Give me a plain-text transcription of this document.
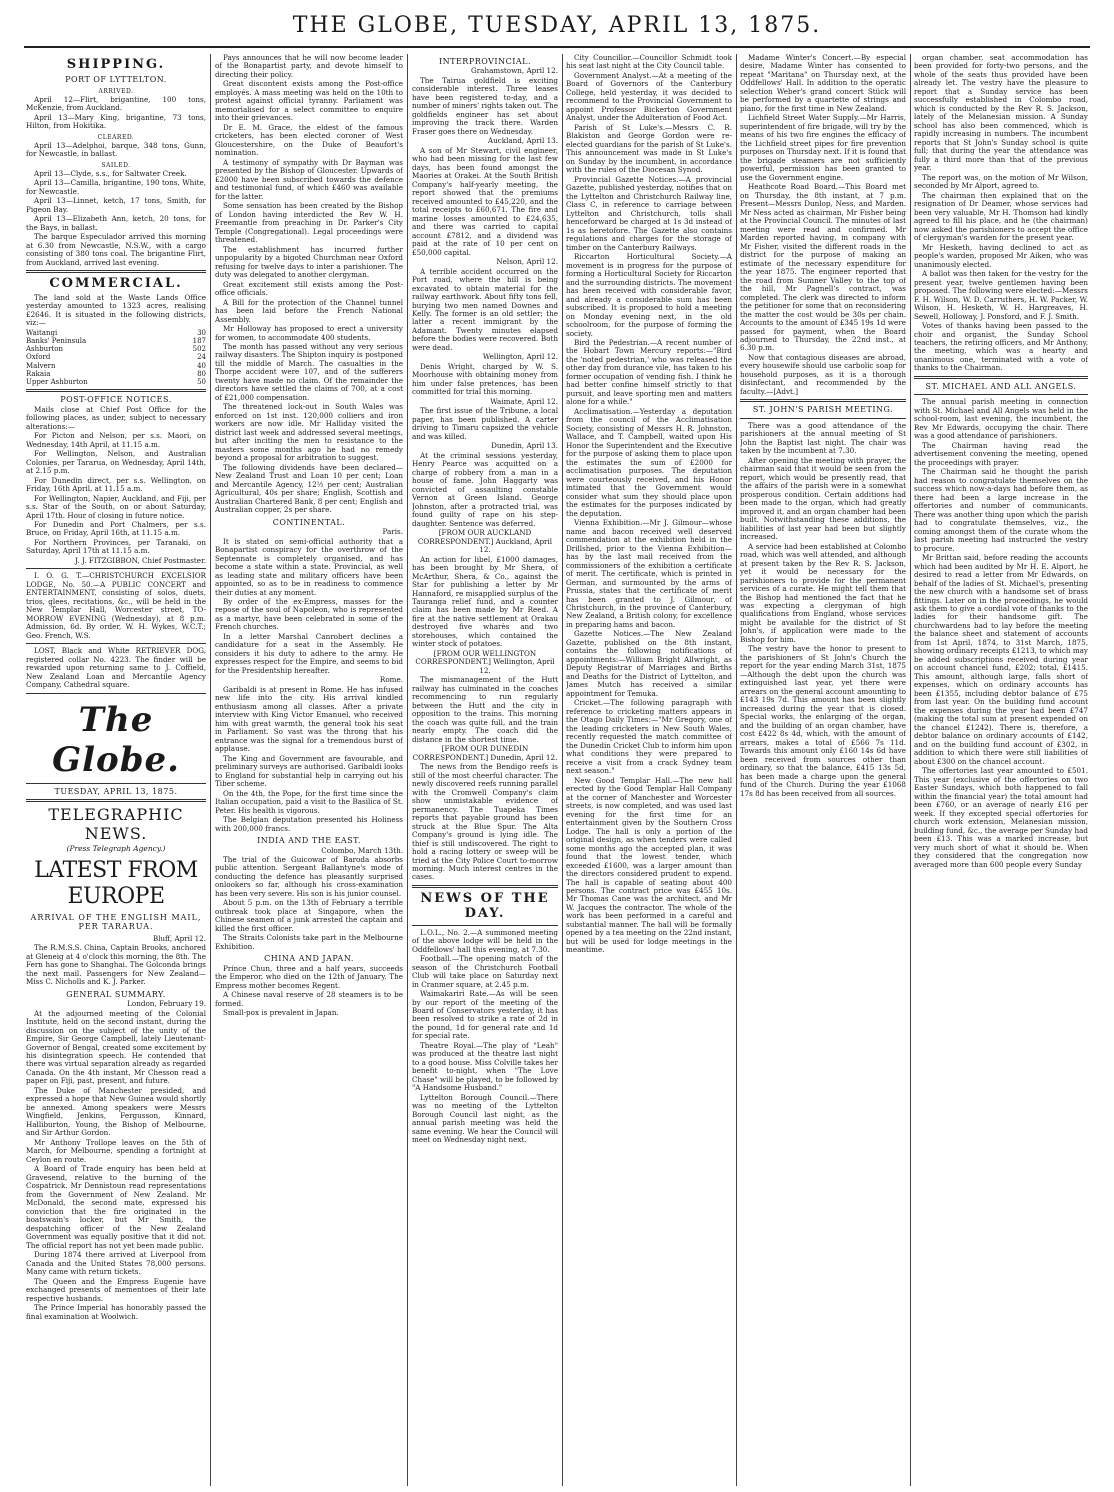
THE GLOBE, TUESDAY, APRIL 13, 1875.
SHIPPING.
PORT OF LYTTELTON.
ARRIVED.

April 12—Flirt, brigantine, 100 tons, McKenzie, from Auckland.

April 13—Mary King, brigantine, 73 tons, Hilton, from Hokitika.

CLEARED.

April 13—Adelphoi, barque, 348 tons, Gunn, for Newcastle, in ballast.

SAILED.

April 13—Clyde, s.s., for Saltwater Creek.

April 13—Camilla, brigantine, 190 tons, White, for Newcastle.

April 13—Linnet, ketch, 17 tons, Smith, for Pigeon Bay.

April 13—Elizabeth Ann, ketch, 20 tons, for the Bays, in ballast.

The barque Especulador arrived this morning at 6.30 from Newcastle, N.S.W., with a cargo consisting of 380 tons coal. The brigantine Flirt, from Auckland, arrived last evening.

COMMERCIAL.

The land sold at the Waste Lands Office yesterday amounted to 1323 acres, realising £2646. It is situated in the following districts, viz:—

Waitangi	30
Banks' Peninsula	187
Ashburton	502
Oxford	24
Malvern	40
Rakaia	80
Upper Ashburton	50
POST-OFFICE NOTICES.

Mails close at Chief Post Office for the following places, as under, subject to necessary alterations:—

For Picton and Nelson, per s.s. Maori, on Wednesday, 14th April, at 11.15 a.m.

For Wellington, Nelson, and Australian Colonies, per Tararua, on Wednesday, April 14th, at 2.15 p.m.

For Dunedin direct, per s.s. Wellington, on Friday, 16th April, at 11.15 a.m.

For Wellington, Napier, Auckland, and Fiji, per s.s. Star of the South, on or about Saturday, April 17th. Hour of closing in future notice.

For Dunedin and Port Chalmers, per s.s. Bruce, on Friday, April 16th, at 11.15 a.m.

For Northern Provinces, per Taranaki, on Saturday, April 17th at 11.15 a.m.

J. J. FITZGIBBON, Chief Postmaster.

I. O. G. T.—CHRISTCHURCH EXCELSIOR LODGE, No. 50.—A PUBLIC CONCERT and ENTERTAINMENT, consisting of solos, duets, trios, glees, recitations, &c., will be held in the New Templar Hall, Worcester street, TO-MORROW EVENING (Wednesday), at 8 p.m. Admission, 6d. By order, W. H. Wykes, W.C.T.; Geo. French, W.S.

LOST, Black and White RETRIEVER DOG, registered collar No. 4223. The finder will be rewarded upon returning same to J. Coffield, New Zealand Loan and Mercantile Agency Company, Cathedral square.

The Globe.
TUESDAY, APRIL 13, 1875.
TELEGRAPHIC NEWS.
(Press Telegraph Agency.)
LATEST FROM EUROPE
ARRIVAL OF THE ENGLISH MAIL, PER TARARUA.
Bluff, April 12.

The R.M.S.S. China, Captain Brooks, anchored at Gleneig at 4 o'clock this morning, the 8th. The Fern has gone to Shanghai. The Golconda brings the next mail. Passengers for New Zealand—Miss C. Nicholls and K. J. Parker.

GENERAL SUMMARY.
London, February 19.

At the adjourned meeting of the Colonial Institute, held on the second instant, during the discussion on the subject of the unity of the Empire, Sir George Campbell, lately Lieutenant-Governor of Bengal, created some excitement by his disintegration speech. He contended that there was virtual separation already as regarded Canada. On the 4th instant, Mr Chesson read a paper on Fiji, past, present, and future.

The Duke of Manchester presided, and expressed a hope that New Guinea would shortly be annexed. Among speakers were Messrs Wingfield, Jenkins, Fergusson, Kinnard, Halliburton, Young, the Bishop of Melbourne, and Sir Arthur Gordon.

Mr Anthony Trollope leaves on the 5th of March, for Melbourne, spending a fortnight at Ceylon en route.

A Board of Trade enquiry has been held at Gravesend, relative to the burning of the Cospatrick. Mr Dennistoun read representations from the Government of New Zealand. Mr McDonald, the second mate, expressed his conviction that the fire originated in the boatswain's locker, but Mr Smith, the despatching officer of the New Zealand Government was equally positive that it did not. The official report has not yet been made public.

During 1874 there arrived at Liverpool from Canada and the United States 78,000 persons. Many came with return tickets.

The Queen and the Empress Eugenie have exchanged presents of mementoes of their late respective husbands.

The Prince Imperial has honorably passed the final examination at Woolwich.

Pays announces that he will now become leader of the Bonapartist party, and devote himself to directing their policy.

Great discontent exists among the Post-office employés. A mass meeting was held on the 10th to protest against official tyranny. Parliament was memorialised for a select committee to enquire into their grievances.

Dr E. M. Grace, the eldest of the famous cricketers, has been elected coroner of West Gloucestershire, on the Duke of Beaufort's nomination.

A testimony of sympathy with Dr Bayman was presented by the Bishop of Gloucester. Upwards of £2000 have been subscribed towards the defence and testimonial fund, of which £460 was available for the latter.

Some sensation has been created by the Bishop of London having interdicted the Rev W. H. Freemantle from preaching in Dr. Parker's City Temple (Congregational). Legal proceedings were threatened.

The establishment has incurred further unpopularity by a bigoted Churchman near Oxford refusing for twelve days to inter a parishioner. The duty was delegated to another clergyman.

Great excitement still exists among the Post-office officials.

A Bill for the protection of the Channel tunnel has been laid before the French National Assembly.

Mr Holloway has proposed to erect a university for women, to accommodate 400 students.

The month has passed without any very serious railway disasters. The Shipton inquiry is postponed till the middle of March. The casualties in the Thorpe accident were 107, and of the sufferers twenty have made no claim. Of the remainder the directors have settled the claims of 700, at a cost of £21,000 compensation.

The threatened lock-out in South Wales was enforced on 1st inst. 120,000 colliers and iron workers are now idle. Mr Halliday visited the district last week and addressed several meetings, but after inciting the men to resistance to the masters some months ago he had no remedy beyond a proposal for arbitration to suggest.

The following dividends have been declared—New Zealand Trust and Loan 10 per cent; Loan and Mercantile Agency, 12½ per cent; Australian Agricultural, 40s per share; English, Scottish and Australian Chartered Bank, 8 per cent; English and Australian copper, 2s per share.

CONTINENTAL.
Paris.

It is stated on semi-official authority that a Bonapartist conspiracy for the overthrow of the Septennate is completely organised, and has become a state within a state. Provincial, as well as leading state and military officers have been appointed, so as to be in readiness to commence their duties at any moment.

By order of the ex-Empress, masses for the repose of the soul of Napoleon, who is represented as a martyr, have been celebrated in some of the French churches.

In a letter Marshal Canrobert declines a candidature for a seat in the Assembly. He considers it his duty to adhere to the army. He expresses respect for the Empire, and seems to bid for the Presidentship hereafter.

Rome.

Garibaldi is at present in Rome. He has infused new life into the city. His arrival kindled enthusiasm among all classes. After a private interview with King Victor Emanuel, who received him with great warmth, the general took his seat in Parliament. So vast was the throng that his entrance was the signal for a tremendous burst of applause.

The King and Government are favourable, and preliminary surveys are authorised. Garibaldi looks to England for substantial help in carrying out his Tiber scheme.

On the 4th, the Pope, for the first time since the Italian occupation, paid a visit to the Basilica of St. Peter. His health is vigorous.

The Belgian deputation presented his Holiness with 200,000 francs.

INDIA AND THE EAST.
Colombo, March 13th.

The trial of the Guicowar of Baroda absorbs public attention. Sergeant Ballantyne's mode of conducting the defence has pleasantly surprised onlookers so far, although his cross-examination has been very severe. His son is his junior counsel.

About 5 p.m. on the 13th of February a terrible outbreak took place at Singapore, when the Chinese seamen of a junk arrested the captain and killed the first officer.

The Straits Colonists take part in the Melbourne Exhibition.

CHINA AND JAPAN.

Prince Chun, three and a half years, succeeds the Emperor, who died on the 12th of January. The Empress mother becomes Regent.

A Chinese naval reserve of 28 steamers is to be formed.

Small-pox is prevalent in Japan.

INTERPROVINCIAL.
Grahamstown, April 12.

The Tairua goldfield is exciting considerable interest. Three leases have been registered to-day, and a number of miners' rights taken out. The goldfields engineer has set about improving the track there. Warden Fraser goes there on Wednesday.

Auckland, April 13.

A son of Mr Stewart, civil engineer, who had been missing for the last few days, has been found amongst the Maories at Orakei. At the South British Company's half-yearly meeting, the report showed that the premiums received amounted to £45,220, and the total receipts to £60,671. The fire and marine losses amounted to £24,635, and there was carried to capital account £7812, and a dividend was paid at the rate of 10 per cent on £50,000 capital.

Nelson, April 12.

A terrible accident occurred on the Port road, where the hill is being excavated to obtain material for the railway earthwork. About fifty tons fell, burying two men named Downes and Kelly. The former is an old settler; the latter a recent immigrant by the Adamant. Twenty minutes elapsed before the bodies were recovered. Both were dead.

Wellington, April 12.

Denis Wright, charged by W. S. Moorhouse with obtaining money from him under false pretences, has been committed for trial this morning.

Waimate, April 12.

The first issue of the Tribune, a local paper, has been published. A carter driving to Timaru capsized the vehicle and was killed.

Dunedin, April 13.

At the criminal sessions yesterday, Henry Pearce was acquitted on a charge of robbery from a man in a house of fame. John Haggarty was convicted of assaulting constable Vernon at Green Island. George Johnston, after a protracted trial, was found guilty of rape on his step-daughter. Sentence was deferred.

[FROM OUR AUCKLAND CORRESPONDENT.] Auckland, April 12.

An action for libel, £1000 damages, has been brought by Mr Shera, of McArthur, Shera, & Co., against the Star for publishing a letter by Mr Hannaford, re misapplied surplus of the Tauranga relief fund, and a counter claim has been made by Mr Reed. A fire at the native settlement at Orakau destroyed five wharès and two storehouses, which contained the winter stock of potatoes.

[FROM OUR WELLINGTON CORRESPONDENT.] Wellington, April 12.

The mismanagement of the Hutt railway has culminated in the coaches recommencing to run regularly between the Hutt and the city in opposition to the trains. This morning the coach was quite full, and the train nearly empty. The coach did the distance in the shortest time.

[FROM OUR DUNEDIN CORRESPONDENT.] Dunedin, April 12.

The news from the Bendigo reefs is still of the most cheerful character. The newly discovered reefs running parallel with the Cromwell Company's claim show unmistakable evidence of permanency. The Tuapeka Times reports that payable ground has been struck at the Blue Spur. The Alta Company's ground is lying idle. The thief is still undiscovered. The right to hold a racing lottery or sweep will be tried at the City Police Court to-morrow morning. Much interest centres in the cases.

NEWS OF THE DAY.

L.O.L., No. 2.—A summoned meeting of the above lodge will be held in the Oddfellows' hall this evening, at 7.30.

Football.—The opening match of the season of the Christchurch Football Club will take place on Saturday next in Cranmer square, at 2.45 p.m.

Waimakariri Rate.—As will be seen by our report of the meeting of the Board of Conservators yesterday, it has been resolved to strike a rate of 2d in the pound, 1d for general rate and 1d for special rate.

Theatre Royal.—The play of "Leah" was produced at the theatre last night to a good house. Miss Colville takes her benefit to-night, when "The Love Chase" will be played, to be followed by "A Handsome Husband."

Lyttelton Borough Council.—There was no meeting of the Lyttelton Borough Council last night, as the annual parish meeting was held the same evening. We hear the Council will meet on Wednesday night next.

City Councillor.—Councillor Schmidt took his seat last night at the City Council table.

Government Analyst.—At a meeting of the Board of Governors of the Canterbury College, held yesterday, it was decided to recommend to the Provincial Government to appoint Professor Bickerton Government Analyst, under the Adulteration of Food Act.

Parish of St Luke's.—Messrs C. R. Blakiston and George Gordon were re-elected guardians for the parish of St Luke's. This announcement was made in St Luke's on Sunday by the incumbent, in accordance with the rules of the Diocesan Synod.

Provincial Gazette Notices.—A provincial Gazette, published yesterday, notifies that on the Lyttelton and Christchurch Railway line, Class C, in reference to carriage between Lyttelton and Christchurch, tolls shall henceforward be charged at 1s 3d instead of 1s as heretofore. The Gazette also contains regulations and charges for the storage of timber on the Canterbury Railways.

Riccarton Horticultural Society.—A movement is in progress for the purpose of forming a Horticultural Society for Riccarton and the surrounding districts. The movement has been received with considerable favor, and already a considerable sum has been subscribed. It is proposed to hold a meeting on Monday evening next, in the old schoolroom, for the purpose of forming the society.

Bird the Pedestrian.—A recent number of the Hobart Town Mercury reports:—"Bird the 'noted pedestrian,' who was released the other day from durance vile, has taken to his former occupation of vending fish. I think he had better confine himself strictly to that pursuit, and leave sporting men and matters alone for a while."

Acclimatisation.—Yesterday a deputation from the council of the Acclimatisation Society, consisting of Messrs H. R. Johnston, Wallace, and T. Campbell, waited upon His Honor the Superintendent and the Executive for the purpose of asking them to place upon the estimates the sum of £2000 for acclimatisation purposes. The deputation were courteously received, and his Honor intimated that the Government would consider what sum they should place upon the estimates for the purposes indicated by the deputation.

Vienna Exhibition.—Mr J. Gilmour—whose name and bacon received well deserved commendation at the exhibition held in the Drillshed, prior to the Vienna Exhibition—has by the last mail received from the commissioners of the exhibition a certificate of merit. The certificate, which is printed in German, and surmounted by the arms of Prussia, states that the certificate of merit has been granted to J. Gilmour, of Christchurch, in the province of Canterbury, New Zealand, a British colony, for excellence in preparing hams and bacon.

Gazette Notices.—The New Zealand Gazette, published on the 8th instant, contains the following notifications of appointments:—William Bright Allwright, as Deputy Registrar of Marriages and Births and Deaths for the District of Lyttelton, and James Mutch has received a similar appointment for Temuka.

Cricket.—The following paragraph with reference to cricketing matters appears in the Otago Daily Times:—"Mr Gregory, one of the leading cricketers in New South Wales, recently requested the match committee of the Dunedin Cricket Club to inform him upon what conditions they were prepared to receive a visit from a crack Sydney team next season."

New Good Templar Hall.—The new hall erected by the Good Templar Hall Company at the corner of Manchester and Worcester streets, is now completed, and was used last evening for the first time for an entertainment given by the Southern Cross Lodge. The hall is only a portion of the original design, as when tenders were called some months ago the accepted plan, it was found that the lowest tender, which exceeded £1600, was a larger amount than the directors considered prudent to expend. The hall is capable of seating about 400 persons. The contract price was £455 10s. Mr Thomas Cane was the architect, and Mr W. Jacques the contractor. The whole of the work has been performed in a careful and substantial manner. The hall will be formally opened by a tea meeting on the 22nd instant, but will be used for lodge meetings in the meantime.

Madame Winter's Concert.—By especial desire, Madame Winter has consented to repeat "Maritana" on Thursday next, at the Oddfellows' Hall. In addition to the operatic selection Weber's grand concert Stück will be performed by a quartette of strings and piano, for the first time in New Zealand.

Lichfield Street Water Supply.—Mr Harris, superintendent of fire brigade, will try by the means of his two fire engines the efficacy of the Lichfield street pipes for fire prevention purposes on Thursday next. If it is found that the brigade steamers are not sufficiently powerful, permission has been granted to use the Government engine.

Heathcote Road Board.—This Board met on Thursday, the 8th instant, at 7 p.m. Present—Messrs Dunlop, Ness, and Marden. Mr Ness acted as chairman, Mr Fisher being at the Provincial Council. The minutes of last meeting were read and confirmed. Mr Marden reported having, in company with Mr Fisher, visited the different roads in the district for the purpose of making an estimate of the necessary expenditure for the year 1875. The engineer reported that the road from Sumner Valley to the top of the hill, Mr Pagnell's contract, was completed. The clerk was directed to inform the petitioner for some that on reconsidering the matter the cost would be 30s per chain. Accounts to the amount of £345 19s 1d were passed for payment, when the Board adjourned to Thursday, the 22nd inst., at 6.30 p.m.

Now that contagious diseases are abroad, every housewife should use carbolic soap for household purposes, as it is a thorough disinfectant, and recommended by the faculty.—[Advt.]

ST. JOHN'S PARISH MEETING.

There was a good attendance of the parishioners at the annual meeting of St John the Baptist last night. The chair was taken by the incumbent at 7.30.

After opening the meeting with prayer, the chairman said that it would be seen from the report, which would be presently read, that the affairs of the parish were in a somewhat prosperous condition. Certain additions had been made to the organ, which had greatly improved it, and an organ chamber had been built. Notwithstanding these additions, the liabilities of last year had been but slightly increased.

A service had been established at Colombo road, which was well attended, and although at present taken by the Rev R. S. Jackson, yet it would be necessary for the parishioners to provide for the permanent services of a curate. He might tell them that the Bishop had mentioned the fact that he was expecting a clergyman of high qualifications from England, whose services might be available for the district of St John's, if application were made to the Bishop for him.

The vestry have the honor to present to the parishioners of St John's Church the report for the year ending March 31st, 1875—Although the debt upon the church was extinguished last year, yet there were arrears on the general account amounting to £143 19s 7d. This amount has been slightly increased during the year that is closed. Special works, the enlarging of the organ, and the building of an organ chamber, have cost £422 8s 4d, which, with the amount of arrears, makes a total of £566 7s 11d. Towards this amount only £160 14s 6d have been received from sources other than ordinary, so that the balance, £415 13s 5d, has been made a charge upon the general fund of the Church. During the year £1068 17s 8d has been received from all sources.

organ chamber, seat accommodation has been provided for forty-two persons, and the whole of the seats thus provided have been already let. The vestry have the pleasure to report that a Sunday service has been successfully established in Colombo road, which is conducted by the Rev R. S. Jackson, lately of the Melanesian mission. A Sunday school has also been commenced, which is rapidly increasing in numbers. The incumbent reports that St John's Sunday school is quite full; that during the year the attendance was fully a third more than that of the previous year.

The report was, on the motion of Mr Wilson, seconded by Mr Alport, agreed to.

The chairman then explained that on the resignation of Dr Deamer, whose services had been very valuable, Mr H. Thomson had kindly agreed to fill his place, and he (the chairman) now asked the parishioners to accept the office of clergyman's warden for the present year.

Mr Hesketh, having declined to act as people's warden, proposed Mr Aiken, who was unanimously elected.

A ballot was then taken for the vestry for the present year, twelve gentlemen having been proposed. The following were elected:—Messrs F. H. Wilson, W. D. Carruthers, H. W. Packer, W. Wilson, H. Hesketh, W. H. Hargreaves, H. Sewell, Holloway, J. Ponsford, and F. J. Smith.

Votes of thanks having been passed to the choir and organist, the Sunday School teachers, the retiring officers, and Mr Anthony, the meeting, which was a hearty and unanimous one, terminated with a vote of thanks to the Chairman.

ST. MICHAEL AND ALL ANGELS.

The annual parish meeting in connection with St. Michael and All Angels was held in the school-room, last evening, the incumbent, the Rev Mr Edwards, occupying the chair. There was a good attendance of parishioners.

The Chairman having read the advertisement convening the meeting, opened the proceedings with prayer.

The Chairman said he thought the parish had reason to congratulate themselves on the success which now-a-days had before them, as there had been a large increase in the offertories and number of communicants. There was another thing upon which the parish had to congratulate themselves, viz., the coming amongst them of the curate whom the last parish meeting had instructed the vestry to procure.

Mr Brittan said, before reading the accounts which had been audited by Mr H. E. Alport, he desired to read a letter from Mr Edwards, on behalf of the ladies of St. Michael's, presenting the new church with a handsome set of brass fittings. Later on in the proceedings, he would ask them to give a cordial vote of thanks to the ladies for their handsome gift. The churchwardens had to lay before the meeting the balance sheet and statement of accounts from 1st April, 1874, to 31st March, 1875, showing ordinary receipts £1213, to which may be added subscriptions received during year on account chancel fund, £202; total, £1415. This amount, although large, falls short of expenses, which on ordinary accounts has been £1355, including debtor balance of £75 from last year. On the building fund account the expenses during the year had been £747 (making the total sum at present expended on the chancel £1242). There is, therefore, a debtor balance on ordinary accounts of £142, and on the building fund account of £302, in addition to which there were still liabilities of about £300 on the chancel account.

The offertories last year amounted to £501. This year (exclusive of the offertories on two Easter Sundays, which both happened to fall within the financial year) the total amount had been £760, or an average of nearly £16 per week. If they excepted special offertories for church work extension, Melanesian mission, building fund, &c., the average per Sunday had been £13. This was a marked increase, but very much short of what it should be. When they considered that the congregation now averaged more than 600 people every Sunday
